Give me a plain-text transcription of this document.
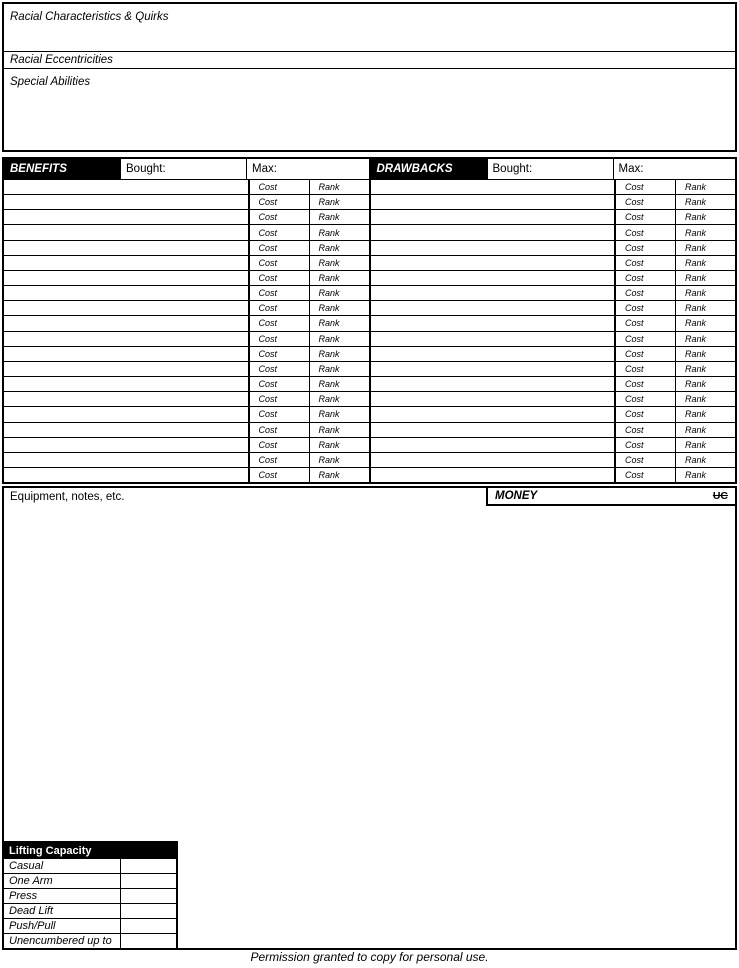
Racial Characteristics & Quirks
Racial Eccentricities
Special Abilities
BENEFITS	Bought:	Max:
Cost	Rank
Cost	Rank
Cost	Rank
Cost	Rank
Cost	Rank
Cost	Rank
Cost	Rank
Cost	Rank
Cost	Rank
Cost	Rank
Cost	Rank
Cost	Rank
Cost	Rank
Cost	Rank
Cost	Rank
Cost	Rank
Cost	Rank
Cost	Rank
Cost	Rank
Cost	Rank
DRAWBACKS	Bought:	Max:
Cost	Rank
Cost	Rank
Cost	Rank
Cost	Rank
Cost	Rank
Cost	Rank
Cost	Rank
Cost	Rank
Cost	Rank
Cost	Rank
Cost	Rank
Cost	Rank
Cost	Rank
Cost	Rank
Cost	Rank
Cost	Rank
Cost	Rank
Cost	Rank
Cost	Rank
Cost	Rank
Equipment, notes, etc.	MONEY	UC
Lifting Capacity
Casual
One Arm
Press
Dead Lift
Push/Pull
Unencumbered up to
Permission granted to copy for personal use.
